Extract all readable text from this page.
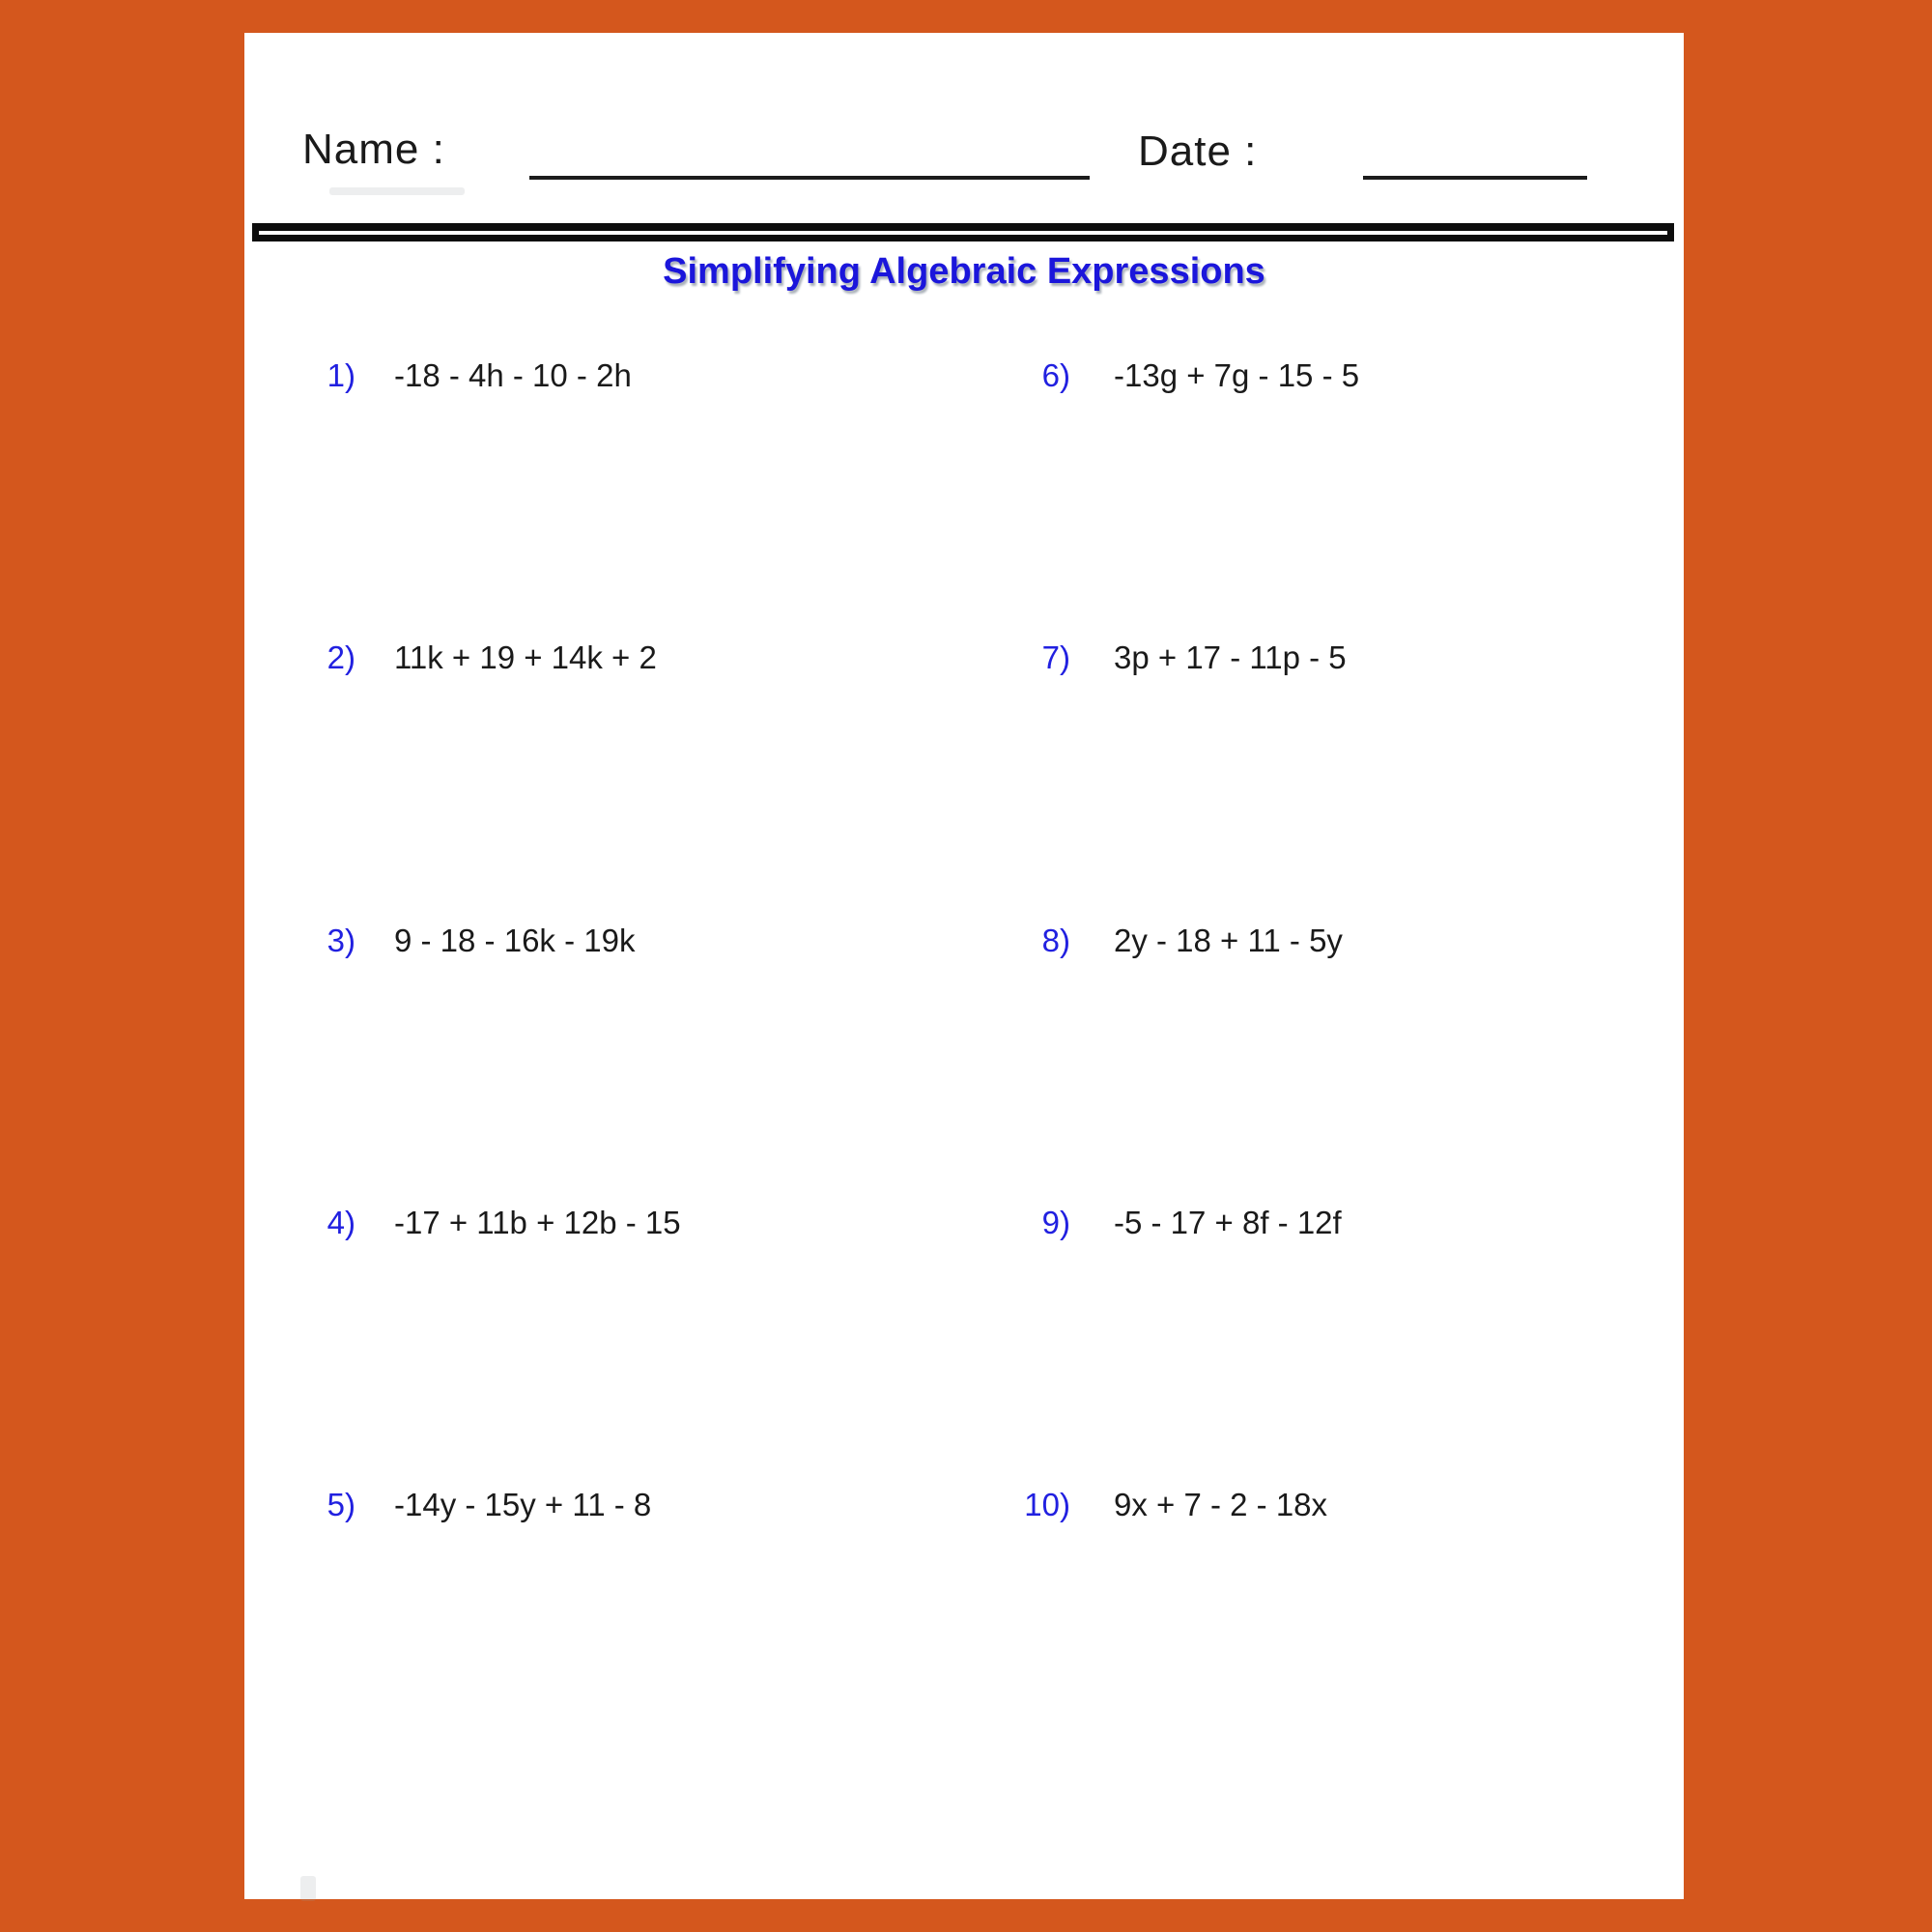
Name :	Date :
Simplifying Algebraic Expressions
1) -18 - 4h - 10 - 2h
2) 11k + 19 + 14k + 2
3) 9 - 18 - 16k - 19k
4) -17 + 11b + 12b - 15
5) -14y - 15y + 11 - 8
6) -13g + 7g - 15 - 5
7) 3p + 17 - 11p - 5
8) 2y - 18 + 11 - 5y
9) -5 - 17 + 8f - 12f
10) 9x + 7 - 2 - 18x
